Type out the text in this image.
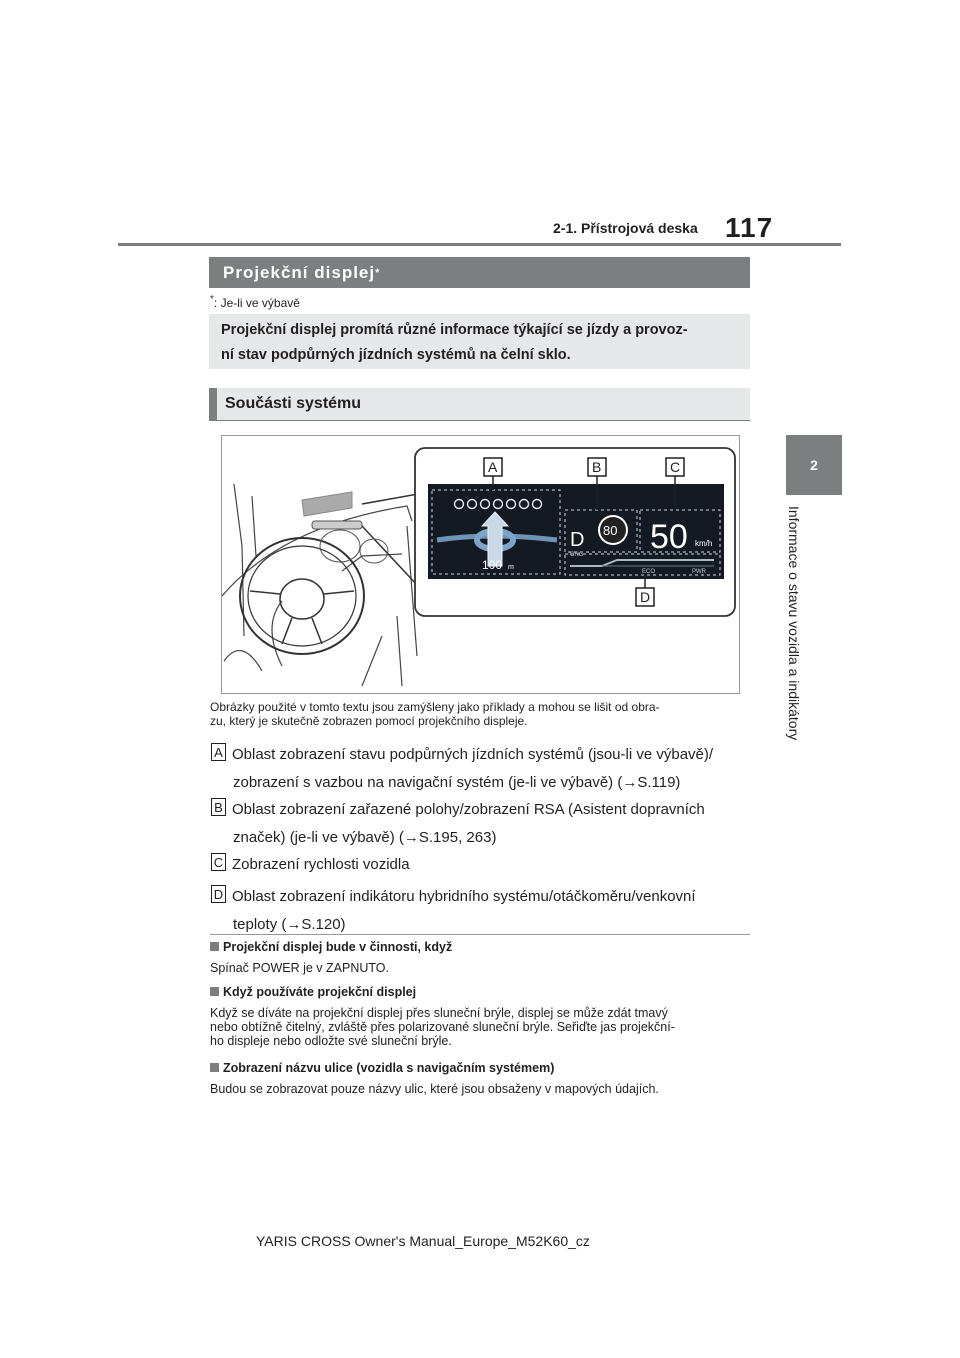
117
2-1. Přístrojová deska
2
Informace o stavu vozidla a indikátory
Projekční displej *
*: Je-li ve výbavě
Projekční displej promítá různé informace týkající se jízdy a provoz-
ní stav podpůrných jízdních systémů na čelní sklo.
Součásti systému
100 m
D 80 50 km/h
CHG
ECO	PWR
A	B	C
D
Obrázky použité v tomto textu jsou zamýšleny jako příklady a mohou se lišit od obra-
zu, který je skutečně zobrazen pomocí projekčního displeje.
A Oblast zobrazení stavu podpůrných jízdních systémů (jsou-li ve výbavě)/
zobrazení s vazbou na navigační systém (je-li ve výbavě) (→S.119)
B Oblast zobrazení zařazené polohy/zobrazení RSA (Asistent dopravních
značek) (je-li ve výbavě) (→S.195, 263)
C Zobrazení rychlosti vozidla
D Oblast zobrazení indikátoru hybridního systému/otáčkoměru/venkovní
teploty (→S.120)
Projekční displej bude v činnosti, když
Spínač POWER je v ZAPNUTO.
Když používáte projekční displej
Když se díváte na projekční displej přes sluneční brýle, displej se může zdát tmavý
nebo obtížně čitelný, zvláště přes polarizované sluneční brýle. Seřiďte jas projekční-
ho displeje nebo odložte své sluneční brýle.
Zobrazení názvu ulice (vozidla s navigačním systémem)
Budou se zobrazovat pouze názvy ulic, které jsou obsaženy v mapových údajích.
YARIS CROSS Owner's Manual_Europe_M52K60_cz
